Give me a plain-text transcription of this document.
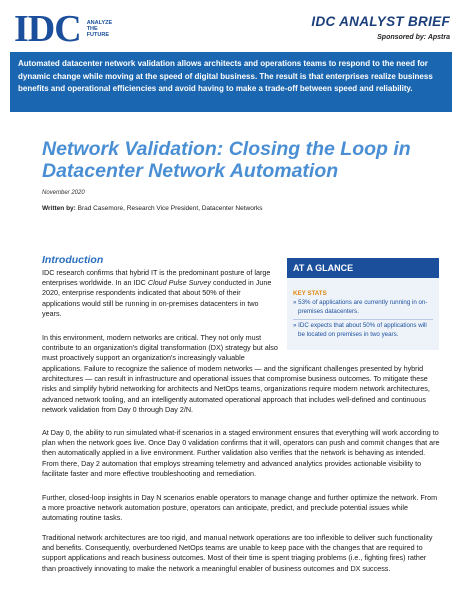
IDC ANALYZE THE FUTURE
IDC ANALYST BRIEF
Sponsored by: Apstra
Automated datacenter network validation allows architects and operations teams to respond to the need for dynamic change while moving at the speed of digital business. The result is that enterprises realize business benefits and operational efficiencies and avoid having to make a trade-off between speed and reliability.
Network Validation: Closing the Loop in Datacenter Network Automation
November 2020
Written by: Brad Casemore, Research Vice President, Datacenter Networks
Introduction
IDC research confirms that hybrid IT is the predominant posture of large enterprises worldwide. In an IDC Cloud Pulse Survey conducted in June 2020, enterprise respondents indicated that about 50% of their applications would still be running in on-premises datacenters in two years.
In this environment, modern networks are critical. They not only must contribute to an organization's digital transformation (DX) strategy but also must proactively support an organization's increasingly valuable
applications. Failure to recognize the salience of modern networks — and the significant challenges presented by hybrid architectures — can result in infrastructure and operational issues that compromise business outcomes. To mitigate these risks and simplify hybrid networking for architects and NetOps teams, organizations require modern network architectures, advanced network tooling, and an intelligently automated operational approach that includes well-defined and continuous network validation from Day 0 through Day 2/N.
At Day 0, the ability to run simulated what-if scenarios in a staged environment ensures that everything will work according to plan when the network goes live. Once Day 0 validation confirms that it will, operators can push and commit changes that are then automatically applied in a live environment. Further validation also verifies that the network is behaving as intended. From there, Day 2 automation that employs streaming telemetry and advanced analytics provides actionable visibility to facilitate faster and more effective troubleshooting and remediation.
Further, closed-loop insights in Day N scenarios enable operators to manage change and further optimize the network. From a more proactive network automation posture, operators can anticipate, predict, and preclude potential issues while automating routine tasks.
Traditional network architectures are too rigid, and manual network operations are too inflexible to deliver such functionality and benefits. Consequently, overburdened NetOps teams are unable to keep pace with the changes that are required to support applications and reach business outcomes. Most of their time is spent triaging problems (i.e., fighting fires) rather than proactively innovating to make the network a meaningful enabler of business outcomes and DX success.
AT A GLANCE
KEY STATS
» 53% of applications are currently running in on-premises datacenters.
» IDC expects that about 50% of applications will be located on premises in two years.
